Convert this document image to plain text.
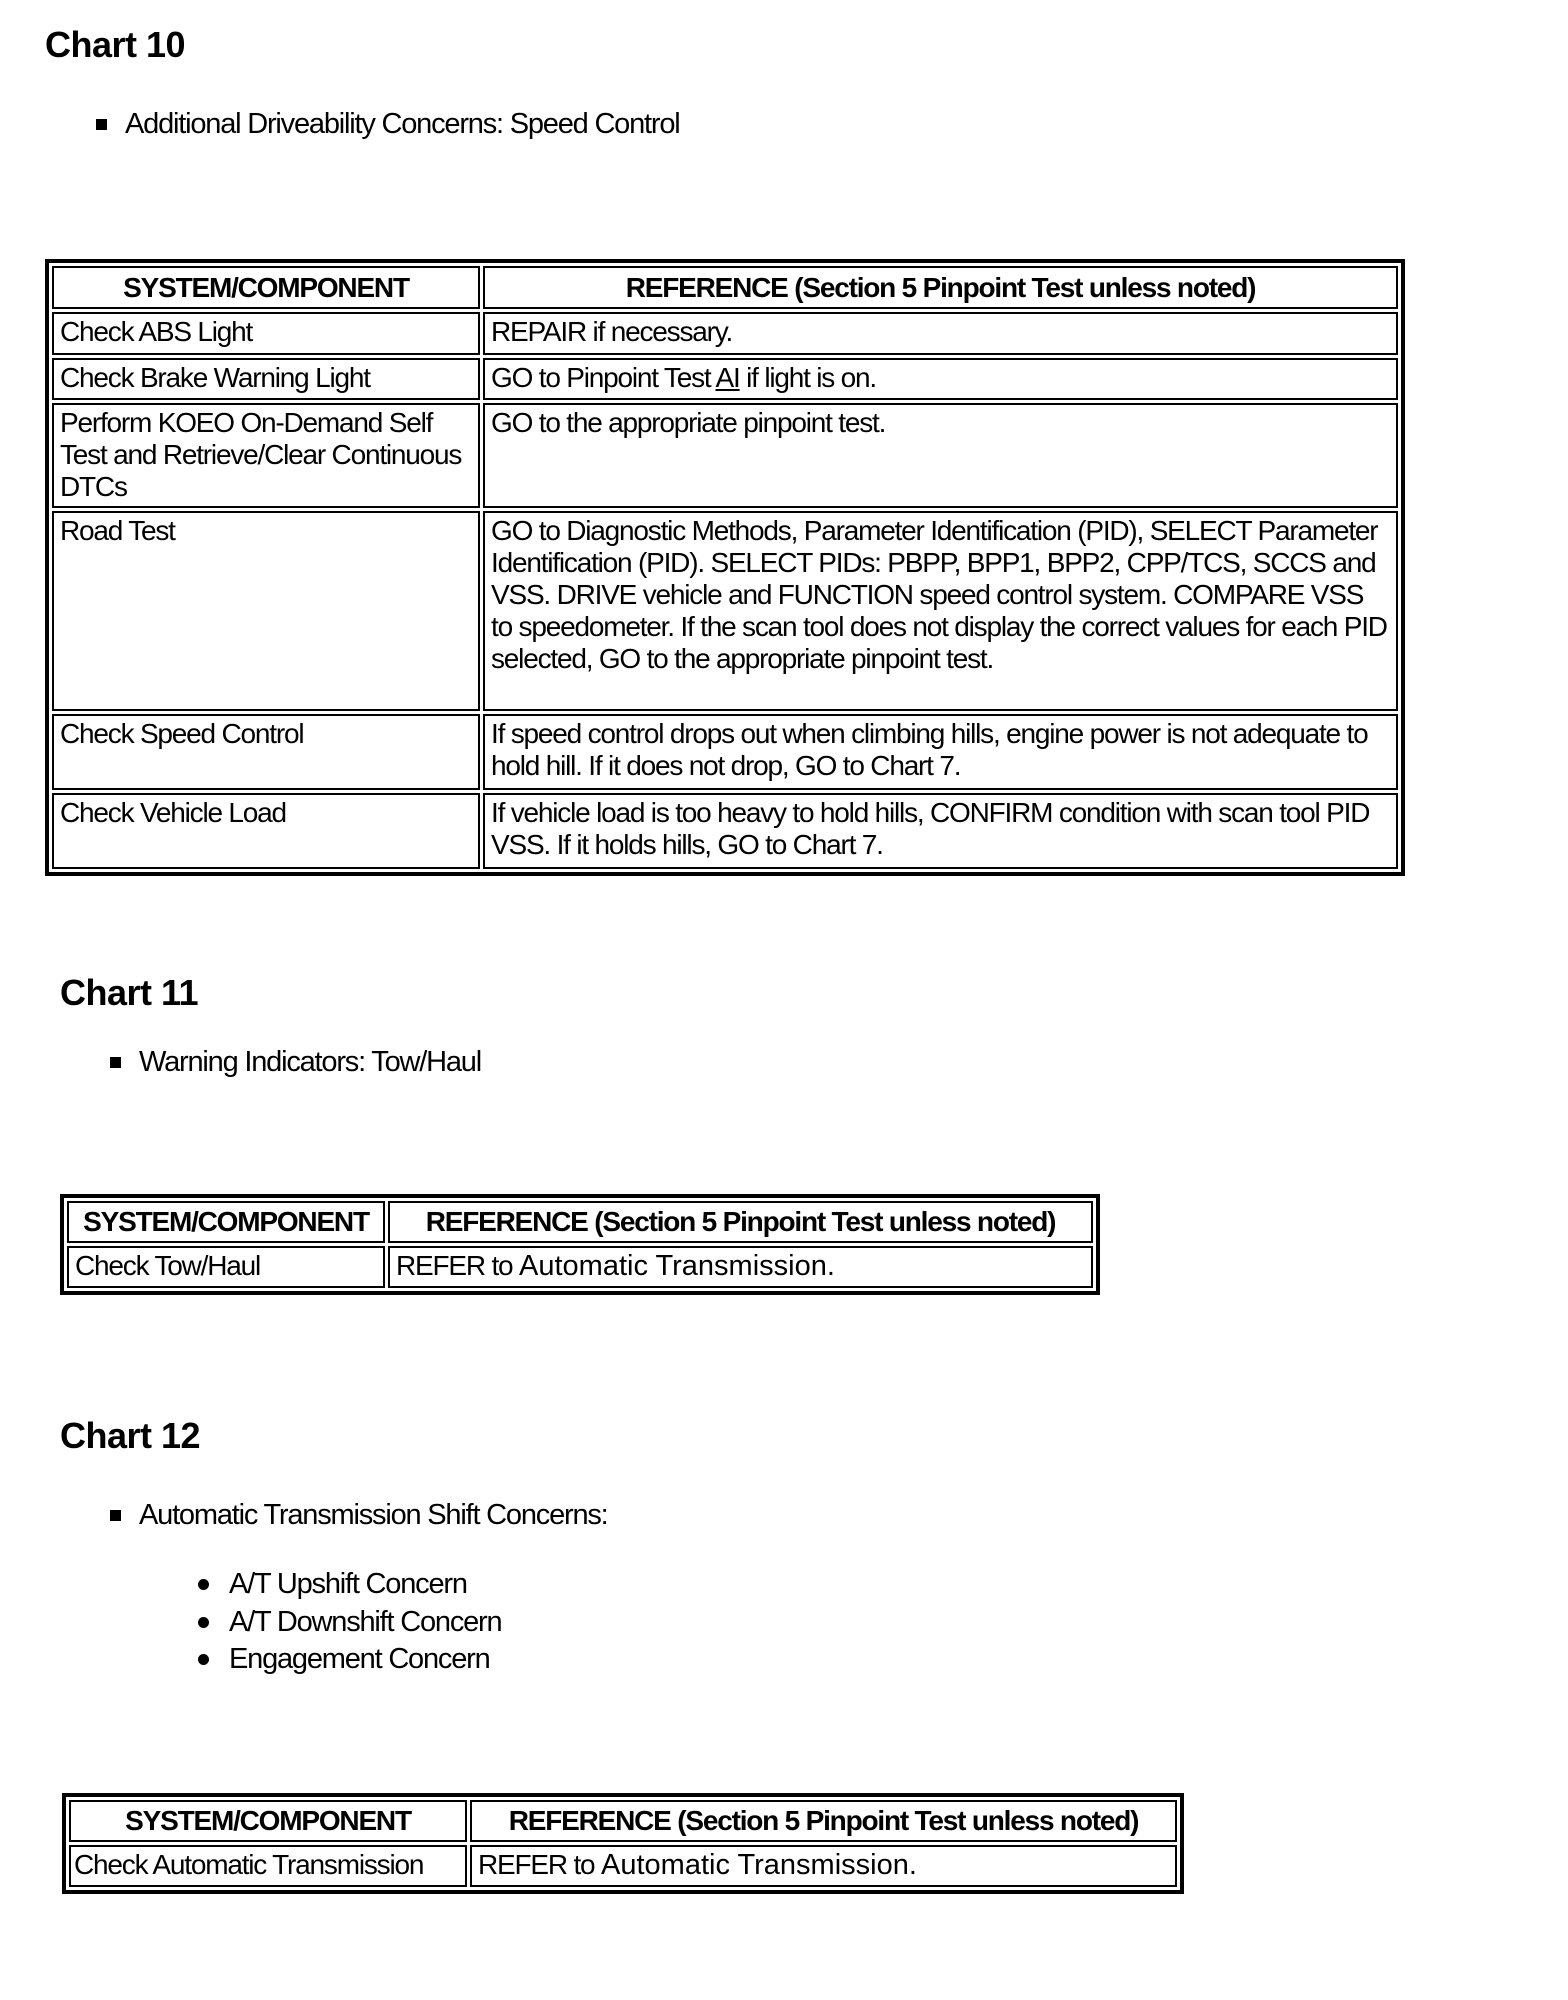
Chart 10
Additional Driveability Concerns: Speed Control
SYSTEM/COMPONENT	REFERENCE (Section 5 Pinpoint Test unless noted)
Check ABS Light	REPAIR if necessary.
Check Brake Warning Light	GO to Pinpoint Test AI if light is on.
Perform KOEO On-Demand Self Test and Retrieve/Clear Continuous DTCs	GO to the appropriate pinpoint test.
Road Test	GO to Diagnostic Methods, Parameter Identification (PID), SELECT Parameter Identification (PID). SELECT PIDs: PBPP, BPP1, BPP2, CPP/TCS, SCCS and VSS. DRIVE vehicle and FUNCTION speed control system. COMPARE VSS to speedometer. If the scan tool does not display the correct values for each PID selected, GO to the appropriate pinpoint test.
Check Speed Control	If speed control drops out when climbing hills, engine power is not adequate to hold hill. If it does not drop, GO to Chart 7.
Check Vehicle Load	If vehicle load is too heavy to hold hills, CONFIRM condition with scan tool PID VSS. If it holds hills, GO to Chart 7.
Chart 11
Warning Indicators: Tow/Haul
SYSTEM/COMPONENT	REFERENCE (Section 5 Pinpoint Test unless noted)
Check Tow/Haul	REFER to Automatic Transmission.
Chart 12
Automatic Transmission Shift Concerns:
A/T Upshift Concern
A/T Downshift Concern
Engagement Concern
SYSTEM/COMPONENT	REFERENCE (Section 5 Pinpoint Test unless noted)
Check Automatic Transmission	REFER to Automatic Transmission.
